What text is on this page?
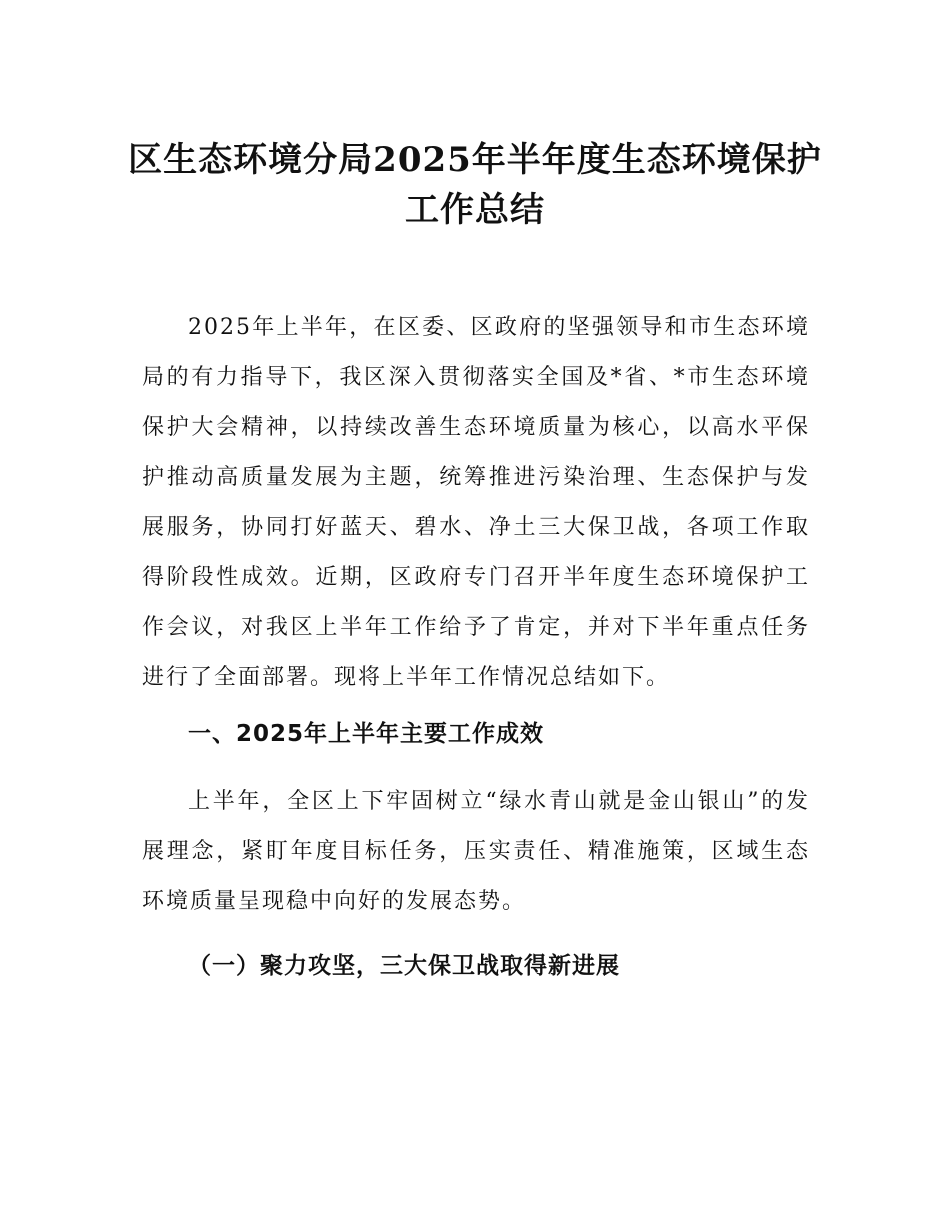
区生态环境分局2025年半年度生态环境保护
工作总结

2025年上半年，在区委、区政府的坚强领导和市生态环境局的有力指导下，我区深入贯彻落实全国及*省、*市生态环境保护大会精神，以持续改善生态环境质量为核心，以高水平保护推动高质量发展为主题，统筹推进污染治理、生态保护与发展服务，协同打好蓝天、碧水、净土三大保卫战，各项工作取得阶段性成效。近期，区政府专门召开半年度生态环境保护工作会议，对我区上半年工作给予了肯定，并对下半年重点任务进行了全面部署。现将上半年工作情况总结如下。

一、2025年上半年主要工作成效

上半年，全区上下牢固树立“绿水青山就是金山银山”的发展理念，紧盯年度目标任务，压实责任、精准施策，区域生态环境质量呈现稳中向好的发展态势。

（一）聚力攻坚，三大保卫战取得新进展
